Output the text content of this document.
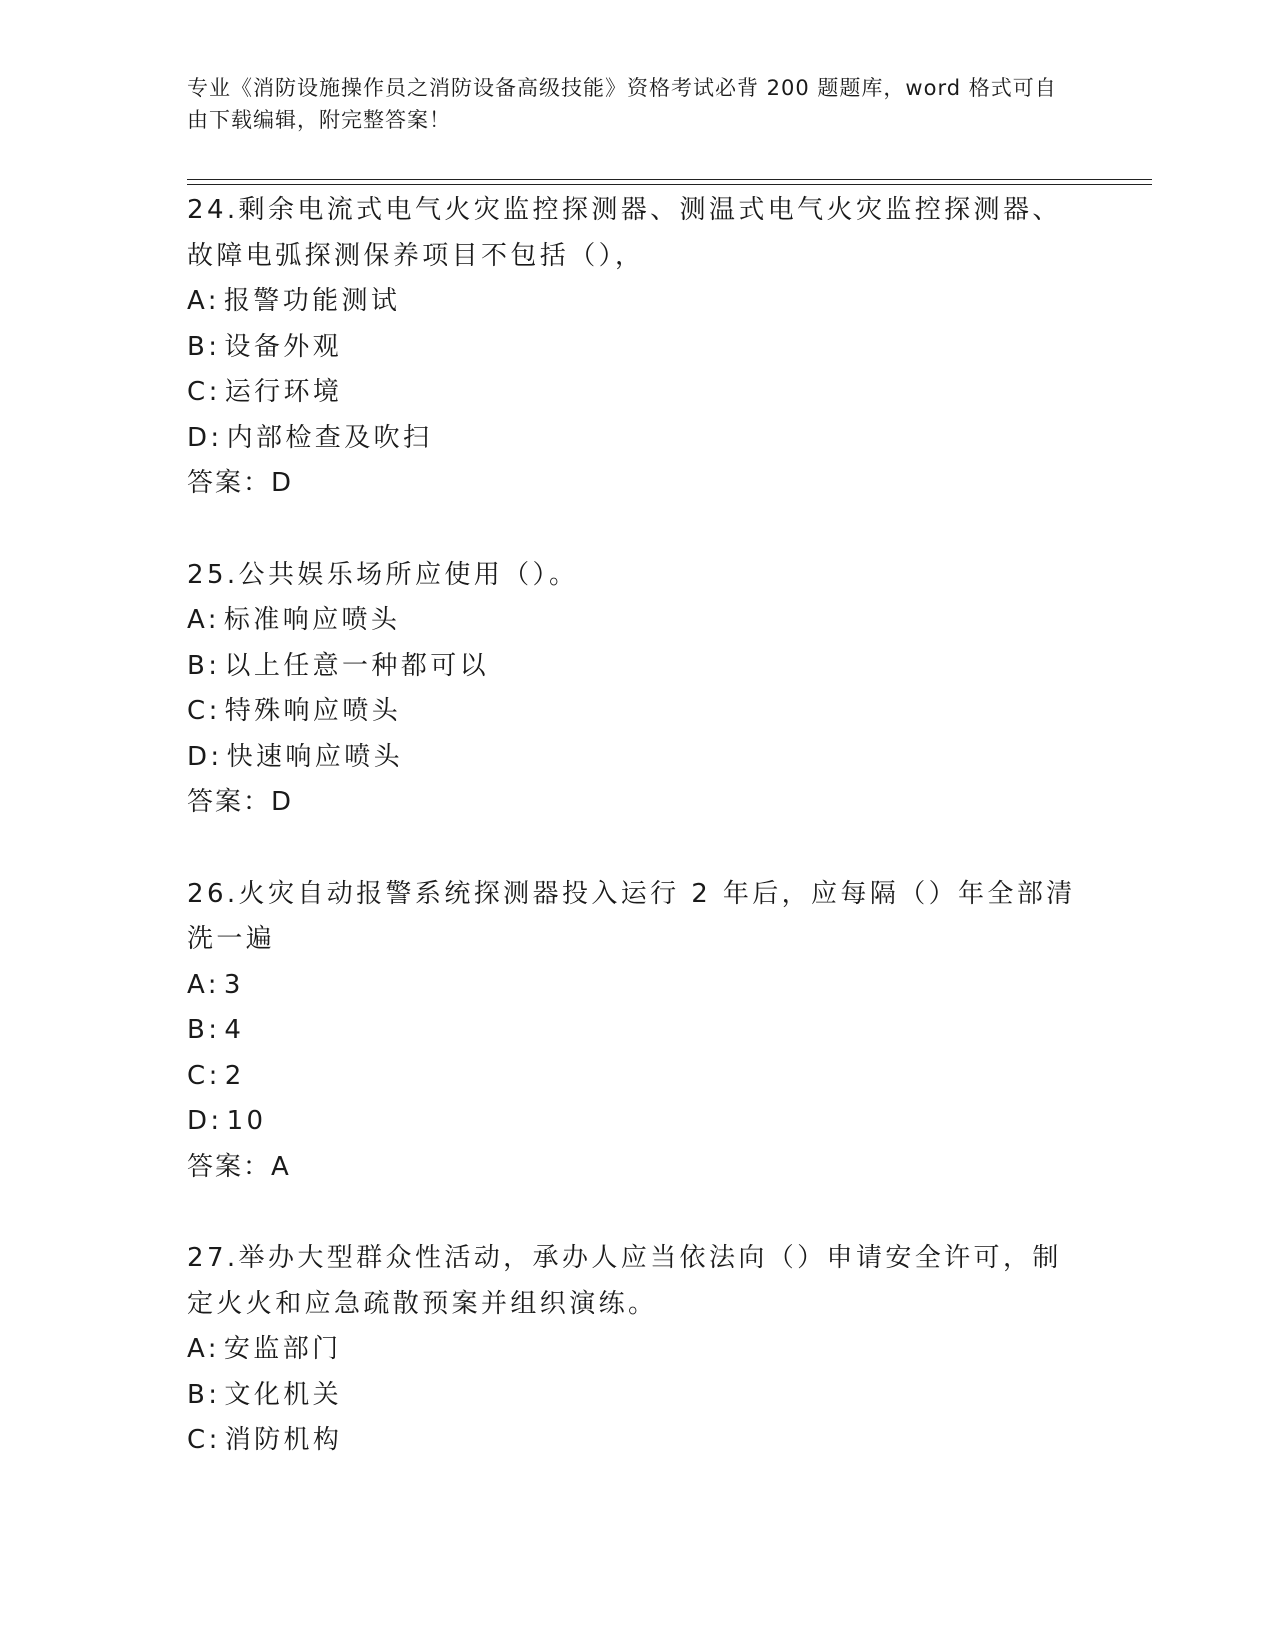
专业《消防设施操作员之消防设备高级技能》资格考试必背 200 题题库，word 格式可自由下载编辑，附完整答案！
24.剩余电流式电气火灾监控探测器、测温式电气火灾监控探测器、故障电弧探测保养项目不包括（），
A: 报警功能测试
B: 设备外观
C: 运行环境
D: 内部检查及吹扫
答案：D
25.公共娱乐场所应使用（）。
A: 标准响应喷头
B: 以上任意一种都可以
C: 特殊响应喷头
D: 快速响应喷头
答案：D
26.火灾自动报警系统探测器投入运行 2 年后，应每隔（）年全部清洗一遍
A: 3
B: 4
C: 2
D: 10
答案：A
27.举办大型群众性活动，承办人应当依法向（）申请安全许可，制定火火和应急疏散预案并组织演练。
A: 安监部门
B: 文化机关
C: 消防机构
